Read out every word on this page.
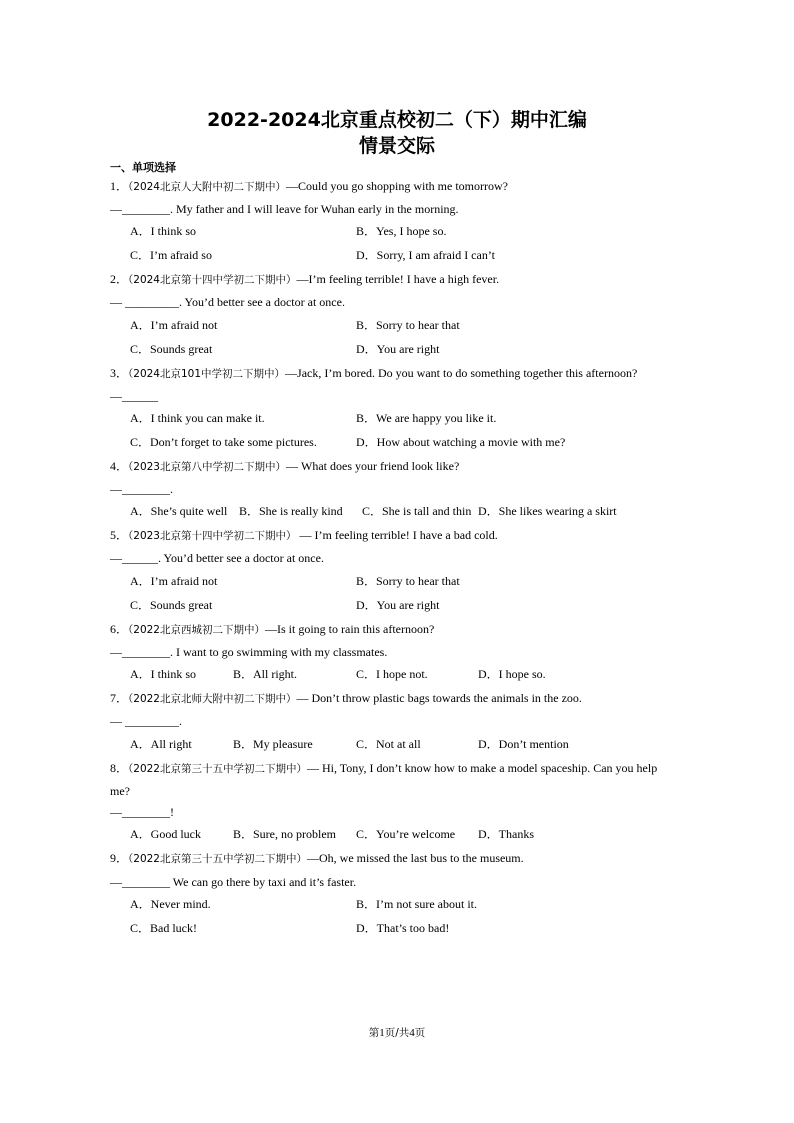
2022-2024北京重点校初二（下）期中汇编
情景交际
一、单项选择
1．（2024北京人大附中初二下期中）—Could you go shopping with me tomorrow?
—________. My father and I will leave for Wuhan early in the morning.
A．I think so	B．Yes, I hope so.
C．I’m afraid so	D．Sorry, I am afraid I can’t
2．（2024北京第十四中学初二下期中）—I’m feeling terrible! I have a high fever.
— _________. You’d better see a doctor at once.
A．I’m afraid not	B．Sorry to hear that
C．Sounds great	D．You are right
3．（2024北京101中学初二下期中）—Jack, I’m bored. Do you want to do something together this afternoon?
—______
A．I think you can make it.	B．We are happy you like it.
C．Don’t forget to take some pictures.	D．How about watching a movie with me?
4．（2023北京第八中学初二下期中）— What does your friend look like?
—________.
A．She’s quite well B．She is really kind C．She is tall and thin D．She likes wearing a skirt
5．（2023北京第十四中学初二下期中） — I’m feeling terrible! I have a bad cold.
—______. You’d better see a doctor at once.
A．I’m afraid not	B．Sorry to hear that
C．Sounds great	D．You are right
6．（2022北京西城初二下期中）—Is it going to rain this afternoon?
—________. I want to go swimming with my classmates.
A．I think so	B．All right.	C．I hope not.	D．I hope so.
7．（2022北京北师大附中初二下期中）— Don’t throw plastic bags towards the animals in the zoo.
— _________.
A．All right	B．My pleasure	C．Not at all	D．Don’t mention
8．（2022北京第三十五中学初二下期中）— Hi, Tony, I don’t know how to make a model spaceship. Can you help
me?
—________!
A．Good luck	B．Sure, no problem C．You’re welcome D．Thanks
9．（2022北京第三十五中学初二下期中）—Oh, we missed the last bus to the museum.
—________ We can go there by taxi and it’s faster.
A．Never mind.	B．I’m not sure about it.
C．Bad luck!	D．That’s too bad!
第1页/共4页
